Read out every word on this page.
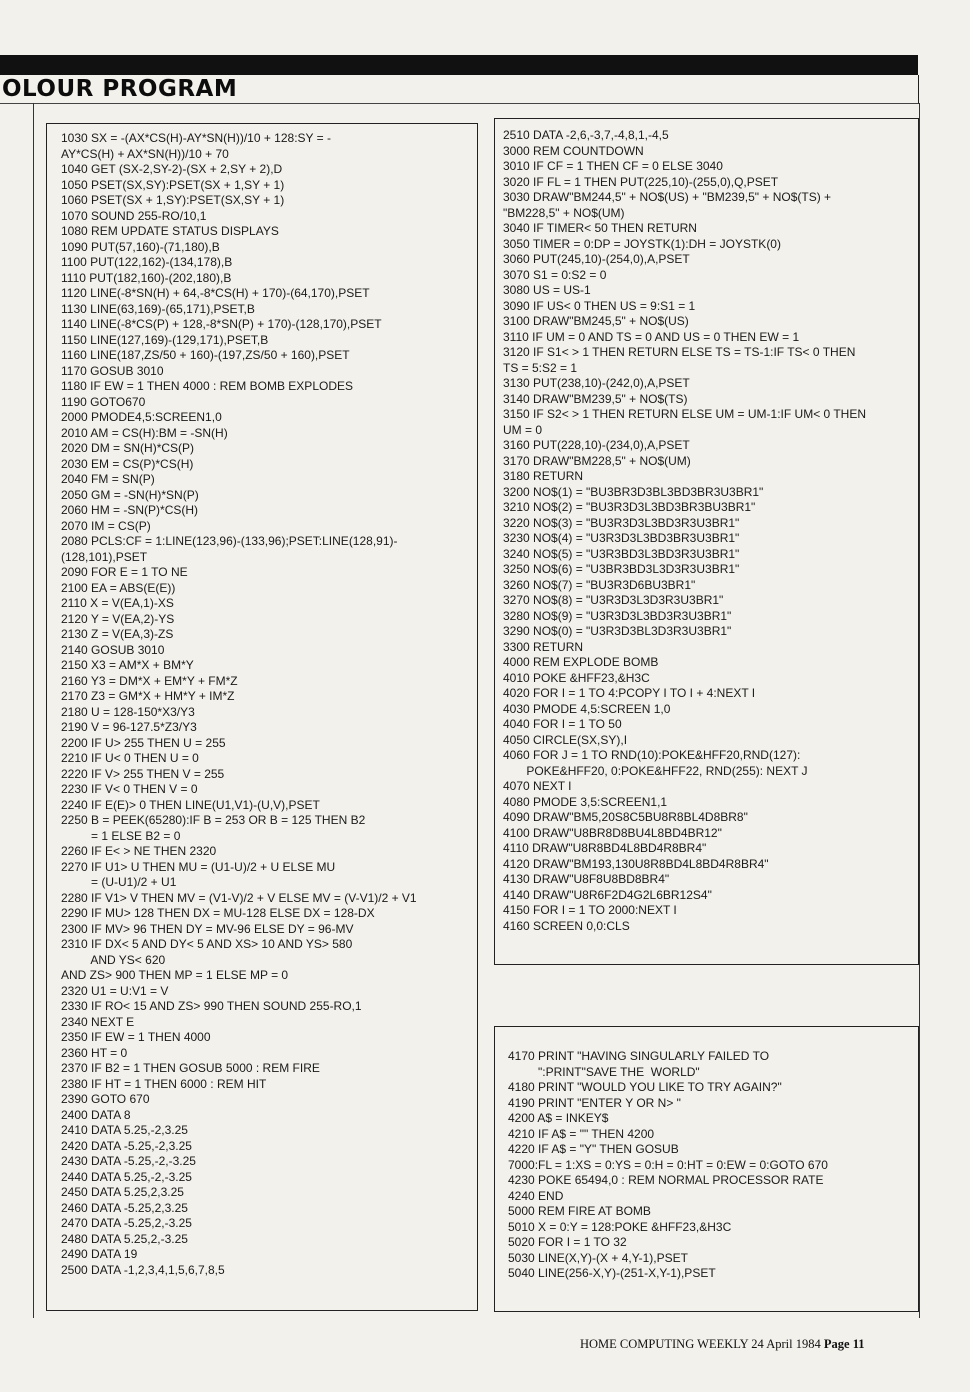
OLOUR PROGRAM
1030 SX = -(AX*CS(H)-AY*SN(H))/10 + 128:SY = -
AY*CS(H) + AX*SN(H))/10 + 70
1040 GET (SX-2,SY-2)-(SX + 2,SY + 2),D
1050 PSET(SX,SY):PSET(SX + 1,SY + 1)
1060 PSET(SX + 1,SY):PSET(SX,SY + 1)
1070 SOUND 255-RO/10,1
1080 REM UPDATE STATUS DISPLAYS
1090 PUT(57,160)-(71,180),B
1100 PUT(122,162)-(134,178),B
1110 PUT(182,160)-(202,180),B
1120 LINE(-8*SN(H) + 64,-8*CS(H) + 170)-(64,170),PSET
1130 LINE(63,169)-(65,171),PSET,B
1140 LINE(-8*CS(P) + 128,-8*SN(P) + 170)-(128,170),PSET
1150 LINE(127,169)-(129,171),PSET,B
1160 LINE(187,ZS/50 + 160)-(197,ZS/50 + 160),PSET
1170 GOSUB 3010
1180 IF EW = 1 THEN 4000 : REM BOMB EXPLODES
1190 GOTO670
2000 PMODE4,5:SCREEN1,0
2010 AM = CS(H):BM = -SN(H)
2020 DM = SN(H)*CS(P)
2030 EM = CS(P)*CS(H)
2040 FM = SN(P)
2050 GM = -SN(H)*SN(P)
2060 HM = -SN(P)*CS(H)
2070 IM = CS(P)
2080 PCLS:CF = 1:LINE(123,96)-(133,96);PSET:LINE(128,91)-
(128,101),PSET
2090 FOR E = 1 TO NE
2100 EA = ABS(E(E))
2110 X = V(EA,1)-XS
2120 Y = V(EA,2)-YS
2130 Z = V(EA,3)-ZS
2140 GOSUB 3010
2150 X3 = AM*X + BM*Y
2160 Y3 = DM*X + EM*Y + FM*Z
2170 Z3 = GM*X + HM*Y + IM*Z
2180 U = 128-150*X3/Y3
2190 V = 96-127.5*Z3/Y3
2200 IF U> 255 THEN U = 255
2210 IF U< 0 THEN U = 0
2220 IF V> 255 THEN V = 255
2230 IF V< 0 THEN V = 0
2240 IF E(E)> 0 THEN LINE(U1,V1)-(U,V),PSET
2250 B = PEEK(65280):IF B = 253 OR B = 125 THEN B2
= 1 ELSE B2 = 0
2260 IF E< > NE THEN 2320
2270 IF U1> U THEN MU = (U1-U)/2 + U ELSE MU
= (U-U1)/2 + U1
2280 IF V1> V THEN MV = (V1-V)/2 + V ELSE MV = (V-V1)/2 + V1
2290 IF MU> 128 THEN DX = MU-128 ELSE DX = 128-DX
2300 IF MV> 96 THEN DY = MV-96 ELSE DY = 96-MV
2310 IF DX< 5 AND DY< 5 AND XS> 10 AND YS> 580
AND YS< 620
AND ZS> 900 THEN MP = 1 ELSE MP = 0
2320 U1 = U:V1 = V
2330 IF RO< 15 AND ZS> 990 THEN SOUND 255-RO,1
2340 NEXT E
2350 IF EW = 1 THEN 4000
2360 HT = 0
2370 IF B2 = 1 THEN GOSUB 5000 : REM FIRE
2380 IF HT = 1 THEN 6000 : REM HIT
2390 GOTO 670
2400 DATA 8
2410 DATA 5.25,-2,3.25
2420 DATA -5.25,-2,3.25
2430 DATA -5.25,-2,-3.25
2440 DATA 5.25,-2,-3.25
2450 DATA 5.25,2,3.25
2460 DATA -5.25,2,3.25
2470 DATA -5.25,2,-3.25
2480 DATA 5.25,2,-3.25
2490 DATA 19
2500 DATA -1,2,3,4,1,5,6,7,8,5
2510 DATA -2,6,-3,7,-4,8,1,-4,5
3000 REM COUNTDOWN
3010 IF CF = 1 THEN CF = 0 ELSE 3040
3020 IF FL = 1 THEN PUT(225,10)-(255,0),Q,PSET
3030 DRAW"BM244,5" + NO$(US) + "BM239,5" + NO$(TS) +
"BM228,5" + NO$(UM)
3040 IF TIMER< 50 THEN RETURN
3050 TIMER = 0:DP = JOYSTK(1):DH = JOYSTK(0)
3060 PUT(245,10)-(254,0),A,PSET
3070 S1 = 0:S2 = 0
3080 US = US-1
3090 IF US< 0 THEN US = 9:S1 = 1
3100 DRAW"BM245,5" + NO$(US)
3110 IF UM = 0 AND TS = 0 AND US = 0 THEN EW = 1
3120 IF S1< > 1 THEN RETURN ELSE TS = TS-1:IF TS< 0 THEN
TS = 5:S2 = 1
3130 PUT(238,10)-(242,0),A,PSET
3140 DRAW"BM239,5" + NO$(TS)
3150 IF S2< > 1 THEN RETURN ELSE UM = UM-1:IF UM< 0 THEN
UM = 0
3160 PUT(228,10)-(234,0),A,PSET
3170 DRAW"BM228,5" + NO$(UM)
3180 RETURN
3200 NO$(1) = "BU3BR3D3BL3BD3BR3U3BR1"
3210 NO$(2) = "BU3R3D3L3BD3BR3BU3BR1"
3220 NO$(3) = "BU3R3D3L3BD3R3U3BR1"
3230 NO$(4) = "U3R3D3L3BD3BR3U3BR1"
3240 NO$(5) = "U3R3BD3L3BD3R3U3BR1"
3250 NO$(6) = "U3BR3BD3L3D3R3U3BR1"
3260 NO$(7) = "BU3R3D6BU3BR1"
3270 NO$(8) = "U3R3D3L3D3R3U3BR1"
3280 NO$(9) = "U3R3D3L3BD3R3U3BR1"
3290 NO$(0) = "U3R3D3BL3D3R3U3BR1"
3300 RETURN
4000 REM EXPLODE BOMB
4010 POKE &HFF23,&H3C
4020 FOR I = 1 TO 4:PCOPY I TO I + 4:NEXT I
4030 PMODE 4,5:SCREEN 1,0
4040 FOR I = 1 TO 50
4050 CIRCLE(SX,SY),I
4060 FOR J = 1 TO RND(10):POKE&HFF20,RND(127):
POKE&HFF20, 0:POKE&HFF22, RND(255): NEXT J
4070 NEXT I
4080 PMODE 3,5:SCREEN1,1
4090 DRAW"BM5,20S8C5BU8R8BL4D8BR8"
4100 DRAW"U8BR8D8BU4L8BD4BR12"
4110 DRAW"U8R8BD4L8BD4R8BR4"
4120 DRAW"BM193,130U8R8BD4L8BD4R8BR4"
4130 DRAW"U8F8U8BD8BR4"
4140 DRAW"U8R6F2D4G2L6BR12S4"
4150 FOR I = 1 TO 2000:NEXT I
4160 SCREEN 0,0:CLS
4170 PRINT "HAVING SINGULARLY FAILED TO
":PRINT"SAVE THE  WORLD"
4180 PRINT "WOULD YOU LIKE TO TRY AGAIN?"
4190 PRINT "ENTER Y OR N> "
4200 A$ = INKEY$
4210 IF A$ = "" THEN 4200
4220 IF A$ = "Y" THEN GOSUB
7000:FL = 1:XS = 0:YS = 0:H = 0:HT = 0:EW = 0:GOTO 670
4230 POKE 65494,0 : REM NORMAL PROCESSOR RATE
4240 END
5000 REM FIRE AT BOMB
5010 X = 0:Y = 128:POKE &HFF23,&H3C
5020 FOR I = 1 TO 32
5030 LINE(X,Y)-(X + 4,Y-1),PSET
5040 LINE(256-X,Y)-(251-X,Y-1),PSET
HOME COMPUTING WEEKLY 24 April 1984 Page 11
